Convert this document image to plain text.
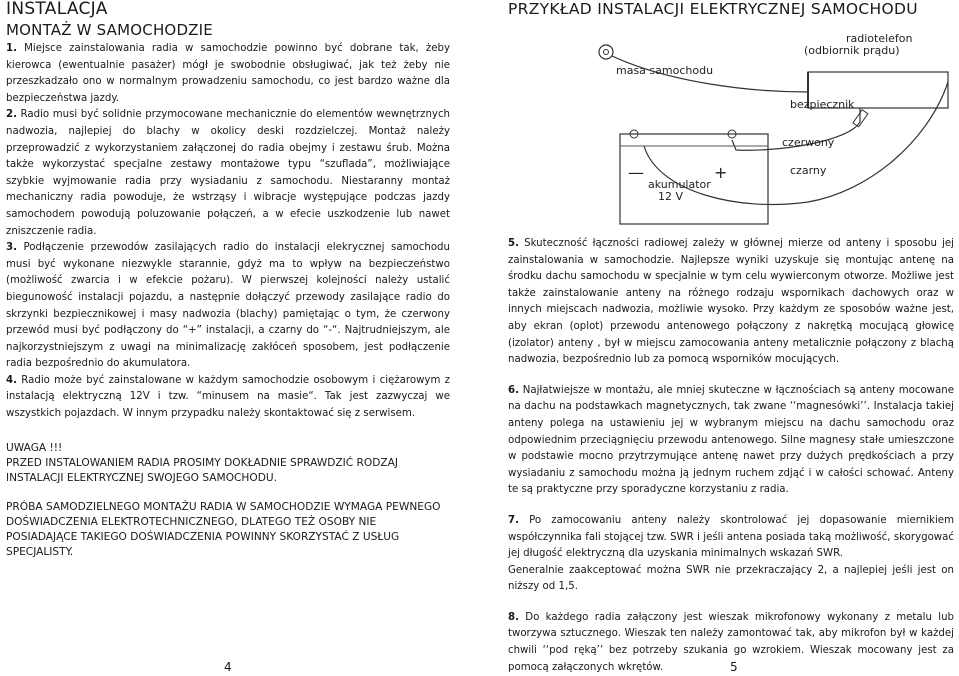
INSTALACJA
MONTAŻ W SAMOCHODZIE

1. Miejsce zainstalowania radia w samochodzie powinno być dobrane tak, żeby kierowca (ewentualnie pasażer) mógł je swobodnie obsługiwać, jak też żeby nie przeszkadzało ono w normalnym prowadzeniu samochodu, co jest bardzo ważne dla bezpieczeństwa jazdy.

2. Radio musi być solidnie przymocowane mechanicznie do elementów wewnętrznych nadwozia, najlepiej do blachy w okolicy deski rozdzielczej. Montaż należy przeprowadzić z wykorzystaniem załączonej do radia obejmy i zestawu śrub. Można także wykorzystać specjalne zestawy montażowe typu “szuflada”, możliwiające szybkie wyjmowanie radia przy wysiadaniu z samochodu. Niestaranny montaż mechaniczny radia powoduje, że wstrząsy i wibracje występujące podczas jazdy samochodem powodują poluzowanie połączeń, a w efecie uszkodzenie lub nawet zniszczenie radia.

3. Podłączenie przewodów zasilających radio do instalacji elekrycznej samochodu musi być wykonane niezwykle starannie, gdyż ma to wpływ na bezpieczeństwo (możliwość zwarcia i w efekcie pożaru). W pierwszej kolejności należy ustalić biegunowość instalacji pojazdu, a następnie dołączyć przewody zasilające radio do skrzynki bezpiecznikowej i masy nadwozia (blachy) pamiętając o tym, że czerwony przewód musi być podłączony do “+” instalacji, a czarny do “-“. Najtrudniejszym, ale najkorzystniejszym z uwagi na minimalizację zakłóceń sposobem, jest podłączenie radia bezpośrednio do akumulatora.

4. Radio może być zainstalowane w każdym samochodzie osobowym i ciężarowym z instalacją elektryczną 12V i tzw. “minusem na masie“. Tak jest zazwyczaj we wszystkich pojazdach. W innym przypadku należy skontaktować się z serwisem.

UWAGA !!!

PRZED INSTALOWANIEM RADIA PROSIMY DOKŁADNIE SPRAWDZIĆ RODZAJ INSTALACJI ELEKTRYCZNEJ SWOJEGO SAMOCHODU.

PRÓBA SAMODZIELNEGO MONTAŻU RADIA W SAMOCHODZIE WYMAGA PEWNEGO DOŚWIADCZENIA ELEKTROTECHNICZNEGO, DLATEGO TEŻ OSOBY NIE POSIADAJĄCE TAKIEGO DOŚWIADCZENIA POWINNY SKORZYSTAĆ Z USŁUG SPECJALISTY.

4
PRZYKŁAD INSTALACJI ELEKTRYCZNEJ SAMOCHODU
radiotelefon
(odbiornik prądu)
masa samochodu
bezpiecznik
czerwony
czarny
—	+
akumulator
12 V

5. Skuteczność łączności radiowej zależy w głównej mierze od anteny i sposobu jej zainstalowania w samochodzie. Najlepsze wyniki uzyskuje się montując antenę na środku dachu samochodu w specjalnie w tym celu wywierconym otworze. Możliwe jest także zainstalowanie anteny na różnego rodzaju wspornikach dachowych oraz w innych miejscach nadwozia, możliwie wysoko. Przy każdym ze sposobów ważne jest, aby ekran (oplot) przewodu antenowego połączony z nakrętką mocującą głowicę (izolator) anteny , był w miejscu zamocowania anteny metalicznie połączony z blachą nadwozia, bezpośrednio lub za pomocą wsporników mocujących.

6. Najłatwiejsze w montażu, ale mniej skuteczne w łącznościach są anteny mocowane na dachu na podstawkach magnetycznych, tak zwane ‘‘magnesówki’’. Instalacja takiej anteny polega na ustawieniu jej w wybranym miejscu na dachu samochodu oraz odpowiednim przeciągnięciu przewodu antenowego. Silne magnesy stałe umieszczone w podstawie mocno przytrzymujące antenę nawet przy dużych prędkościach a przy wysiadaniu z samochodu można ją jednym ruchem zdjąć i w całości schować. Anteny te są praktyczne przy sporadyczne korzystaniu z radia.

7. Po zamocowaniu anteny należy skontrolować jej dopasowanie miernikiem współczynnika fali stojącej tzw. SWR i jeśli antena posiada taką możliwość, skorygować jej długość elektryczną dla uzyskania minimalnych wskazań SWR.

Generalnie zaakceptować można SWR nie przekraczający 2, a najlepiej jeśli jest on niższy od 1,5.

8. Do każdego radia załączony jest wieszak mikrofonowy wykonany z metalu lub tworzywa sztucznego. Wieszak ten należy zamontować tak, aby mikrofon był w każdej chwili ‘‘pod ręką’’ bez potrzeby szukania go wzrokiem. Wieszak mocowany jest za pomocą załączonych wkrętów.	5
